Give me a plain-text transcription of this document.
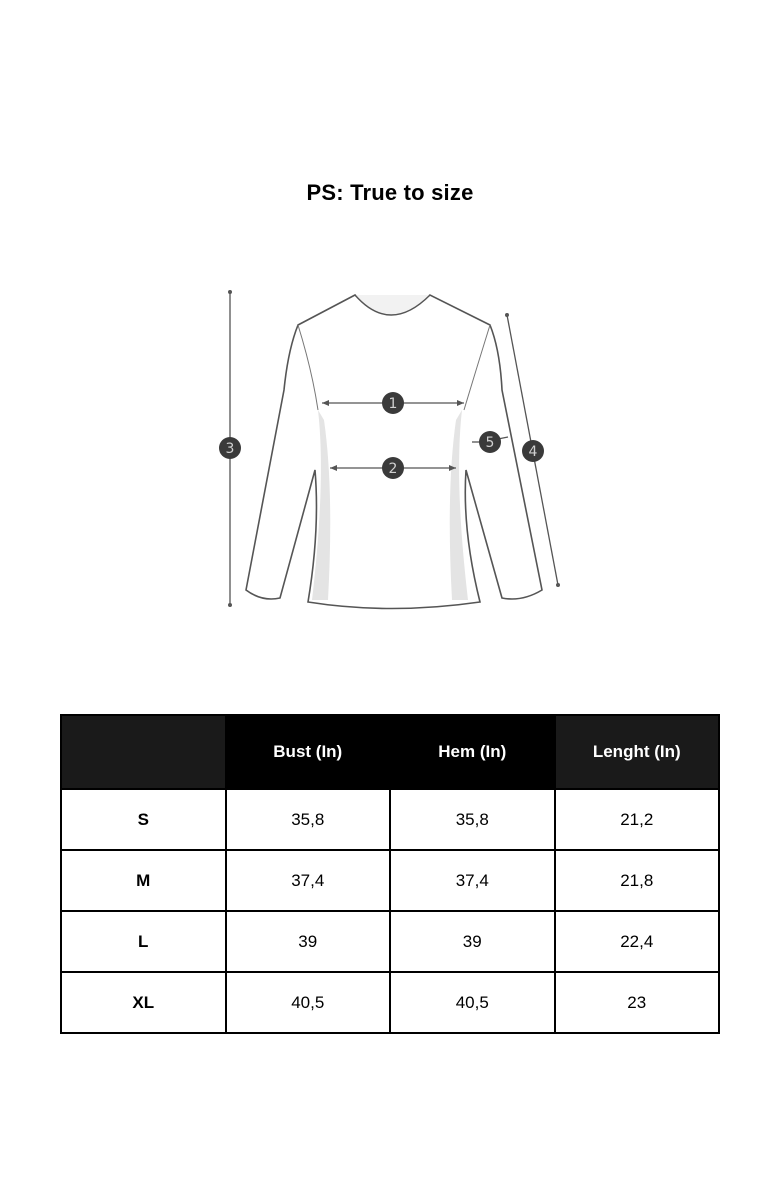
PS: True to size
1
2
3	4
5
	Bust (In)	Hem (In)	Lenght (In)
S	35,8	35,8	21,2
M	37,4	37,4	21,8
L	39	39	22,4
XL	40,5	40,5	23
